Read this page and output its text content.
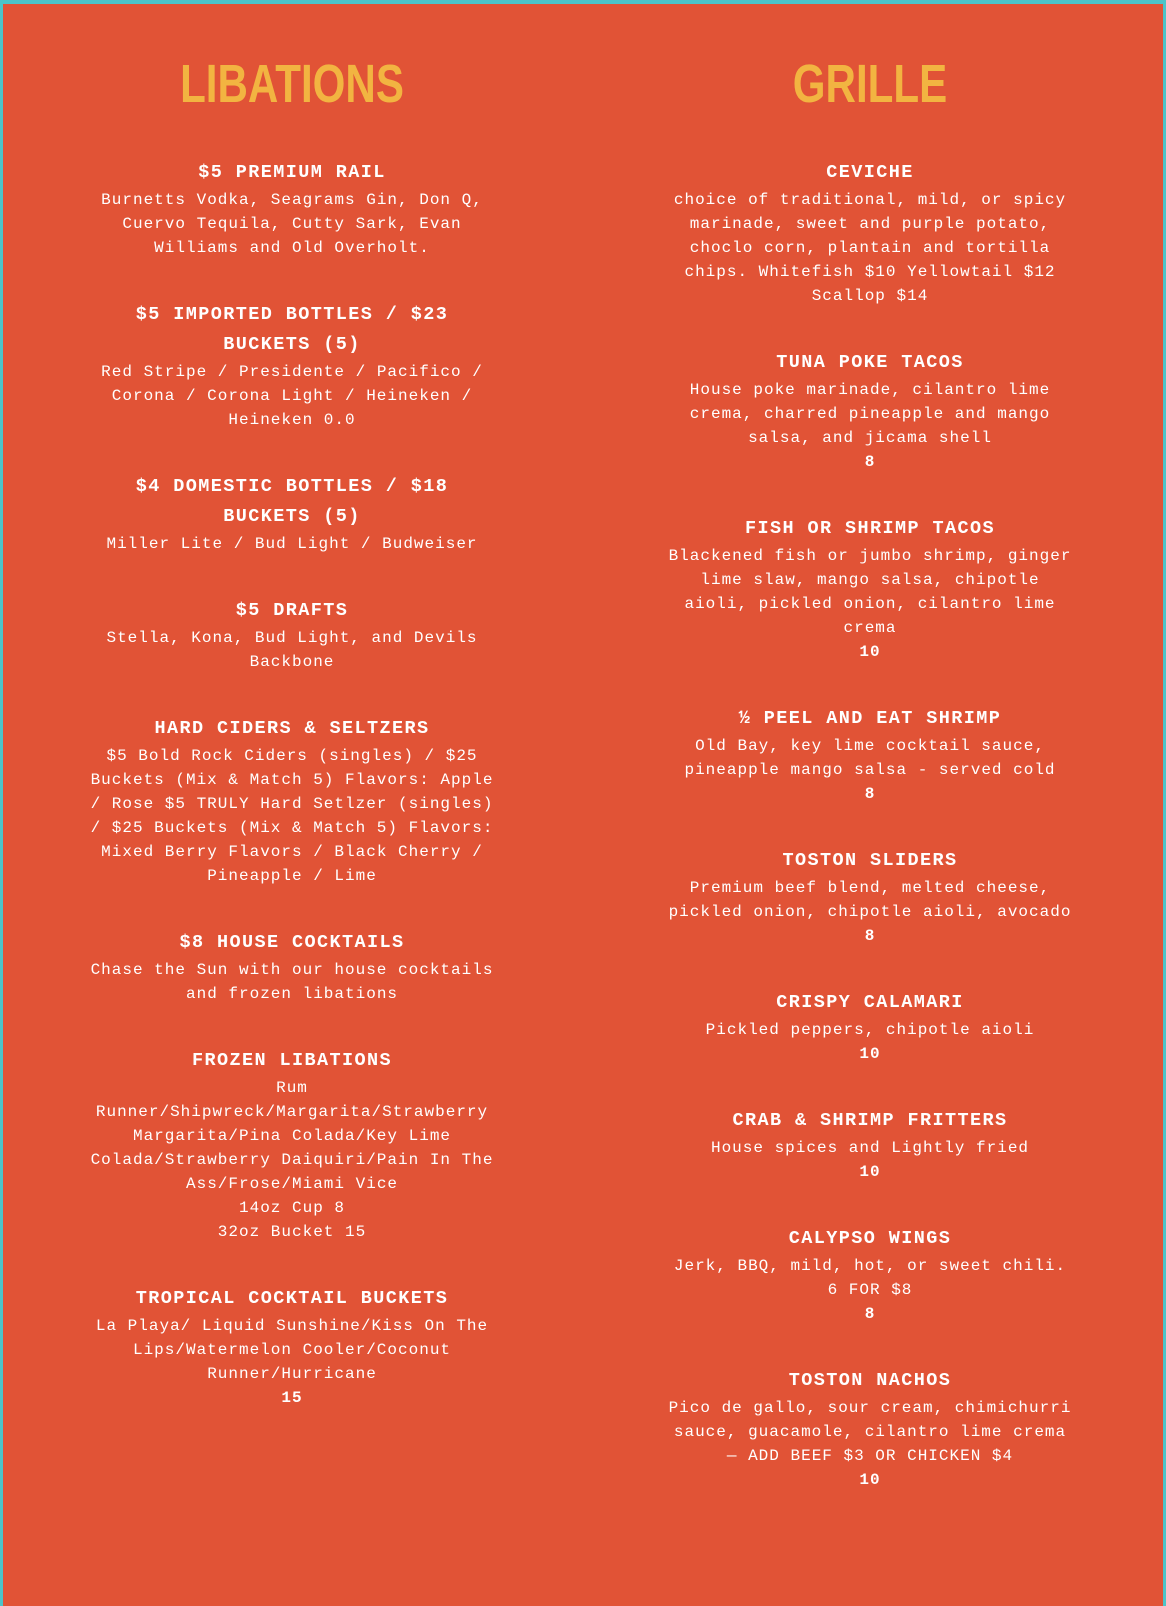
LIBATIONS
$5 PREMIUM RAIL
Burnetts Vodka, Seagrams Gin, Don Q,
Cuervo Tequila, Cutty Sark, Evan
Williams and Old Overholt.
$5 IMPORTED BOTTLES / $23
BUCKETS (5)
Red Stripe / Presidente / Pacifico /
Corona / Corona Light / Heineken /
Heineken 0.0
$4 DOMESTIC BOTTLES / $18
BUCKETS (5)
Miller Lite / Bud Light / Budweiser
$5 DRAFTS
Stella, Kona, Bud Light, and Devils
Backbone
HARD CIDERS & SELTZERS
$5 Bold Rock Ciders (singles) / $25
Buckets (Mix & Match 5) Flavors: Apple
/ Rose $5 TRULY Hard Setlzer (singles)
/ $25 Buckets (Mix & Match 5) Flavors:
Mixed Berry Flavors / Black Cherry /
Pineapple / Lime
$8 HOUSE COCKTAILS
Chase the Sun with our house cocktails
and frozen libations
FROZEN LIBATIONS
Rum
Runner/Shipwreck/Margarita/Strawberry
Margarita/Pina Colada/Key Lime
Colada/Strawberry Daiquiri/Pain In The
Ass/Frose/Miami Vice
14oz Cup 8
32oz Bucket 15
TROPICAL COCKTAIL BUCKETS
La Playa/ Liquid Sunshine/Kiss On The
Lips/Watermelon Cooler/Coconut
Runner/Hurricane
15
GRILLE
CEVICHE
choice of traditional, mild, or spicy
marinade, sweet and purple potato,
choclo corn, plantain and tortilla
chips. Whitefish $10 Yellowtail $12
Scallop $14
TUNA POKE TACOS
House poke marinade, cilantro lime
crema, charred pineapple and mango
salsa, and jicama shell
8
FISH OR SHRIMP TACOS
Blackened fish or jumbo shrimp, ginger
lime slaw, mango salsa, chipotle
aioli, pickled onion, cilantro lime
crema
10
½ PEEL AND EAT SHRIMP
Old Bay, key lime cocktail sauce,
pineapple mango salsa - served cold
8
TOSTON SLIDERS
Premium beef blend, melted cheese,
pickled onion, chipotle aioli, avocado
8
CRISPY CALAMARI
Pickled peppers, chipotle aioli
10
CRAB & SHRIMP FRITTERS
House spices and Lightly fried
10
CALYPSO WINGS
Jerk, BBQ, mild, hot, or sweet chili.
6 FOR $8
8
TOSTON NACHOS
Pico de gallo, sour cream, chimichurri
sauce, guacamole, cilantro lime crema
— ADD BEEF $3 OR CHICKEN $4
10
